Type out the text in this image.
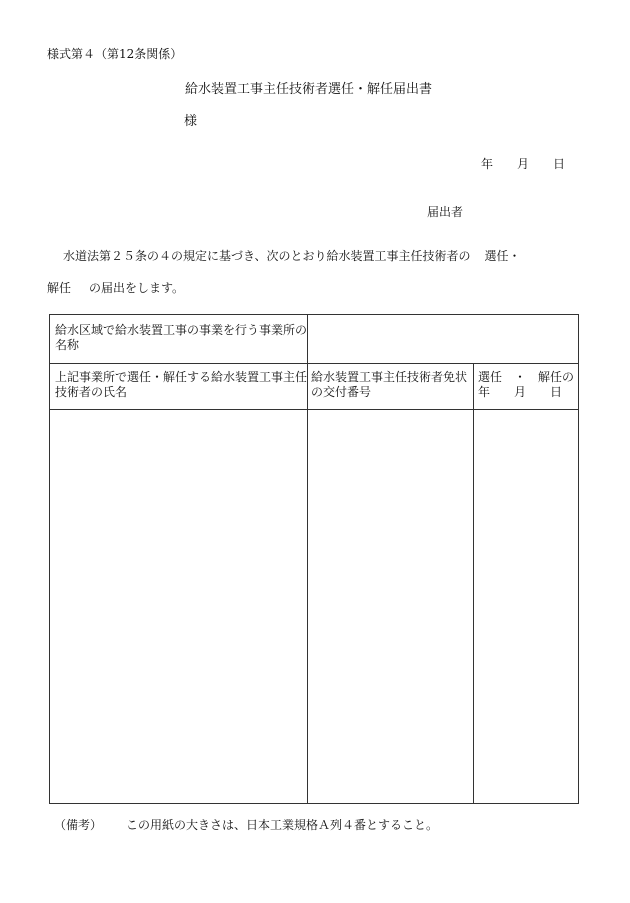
様式第４（第12条関係）
給水装置工事主任技術者選任・解任届出書
様
年 月 日
届出者
水道法第２５条の４の規定に基づき、次のとおり給水装置工事主任技術者の 選任・
解任 の届出をします。
給水区域で給水装置工事の事業を行う事業所の名称
上記事業所で選任・解任する給水装置工事主任技術者の氏名
給水装置工事主任技術者免状の交付番号
選任　・　解任の
年　　月　　日
（備考） この用紙の大きさは、日本工業規格Ａ列４番とすること。
